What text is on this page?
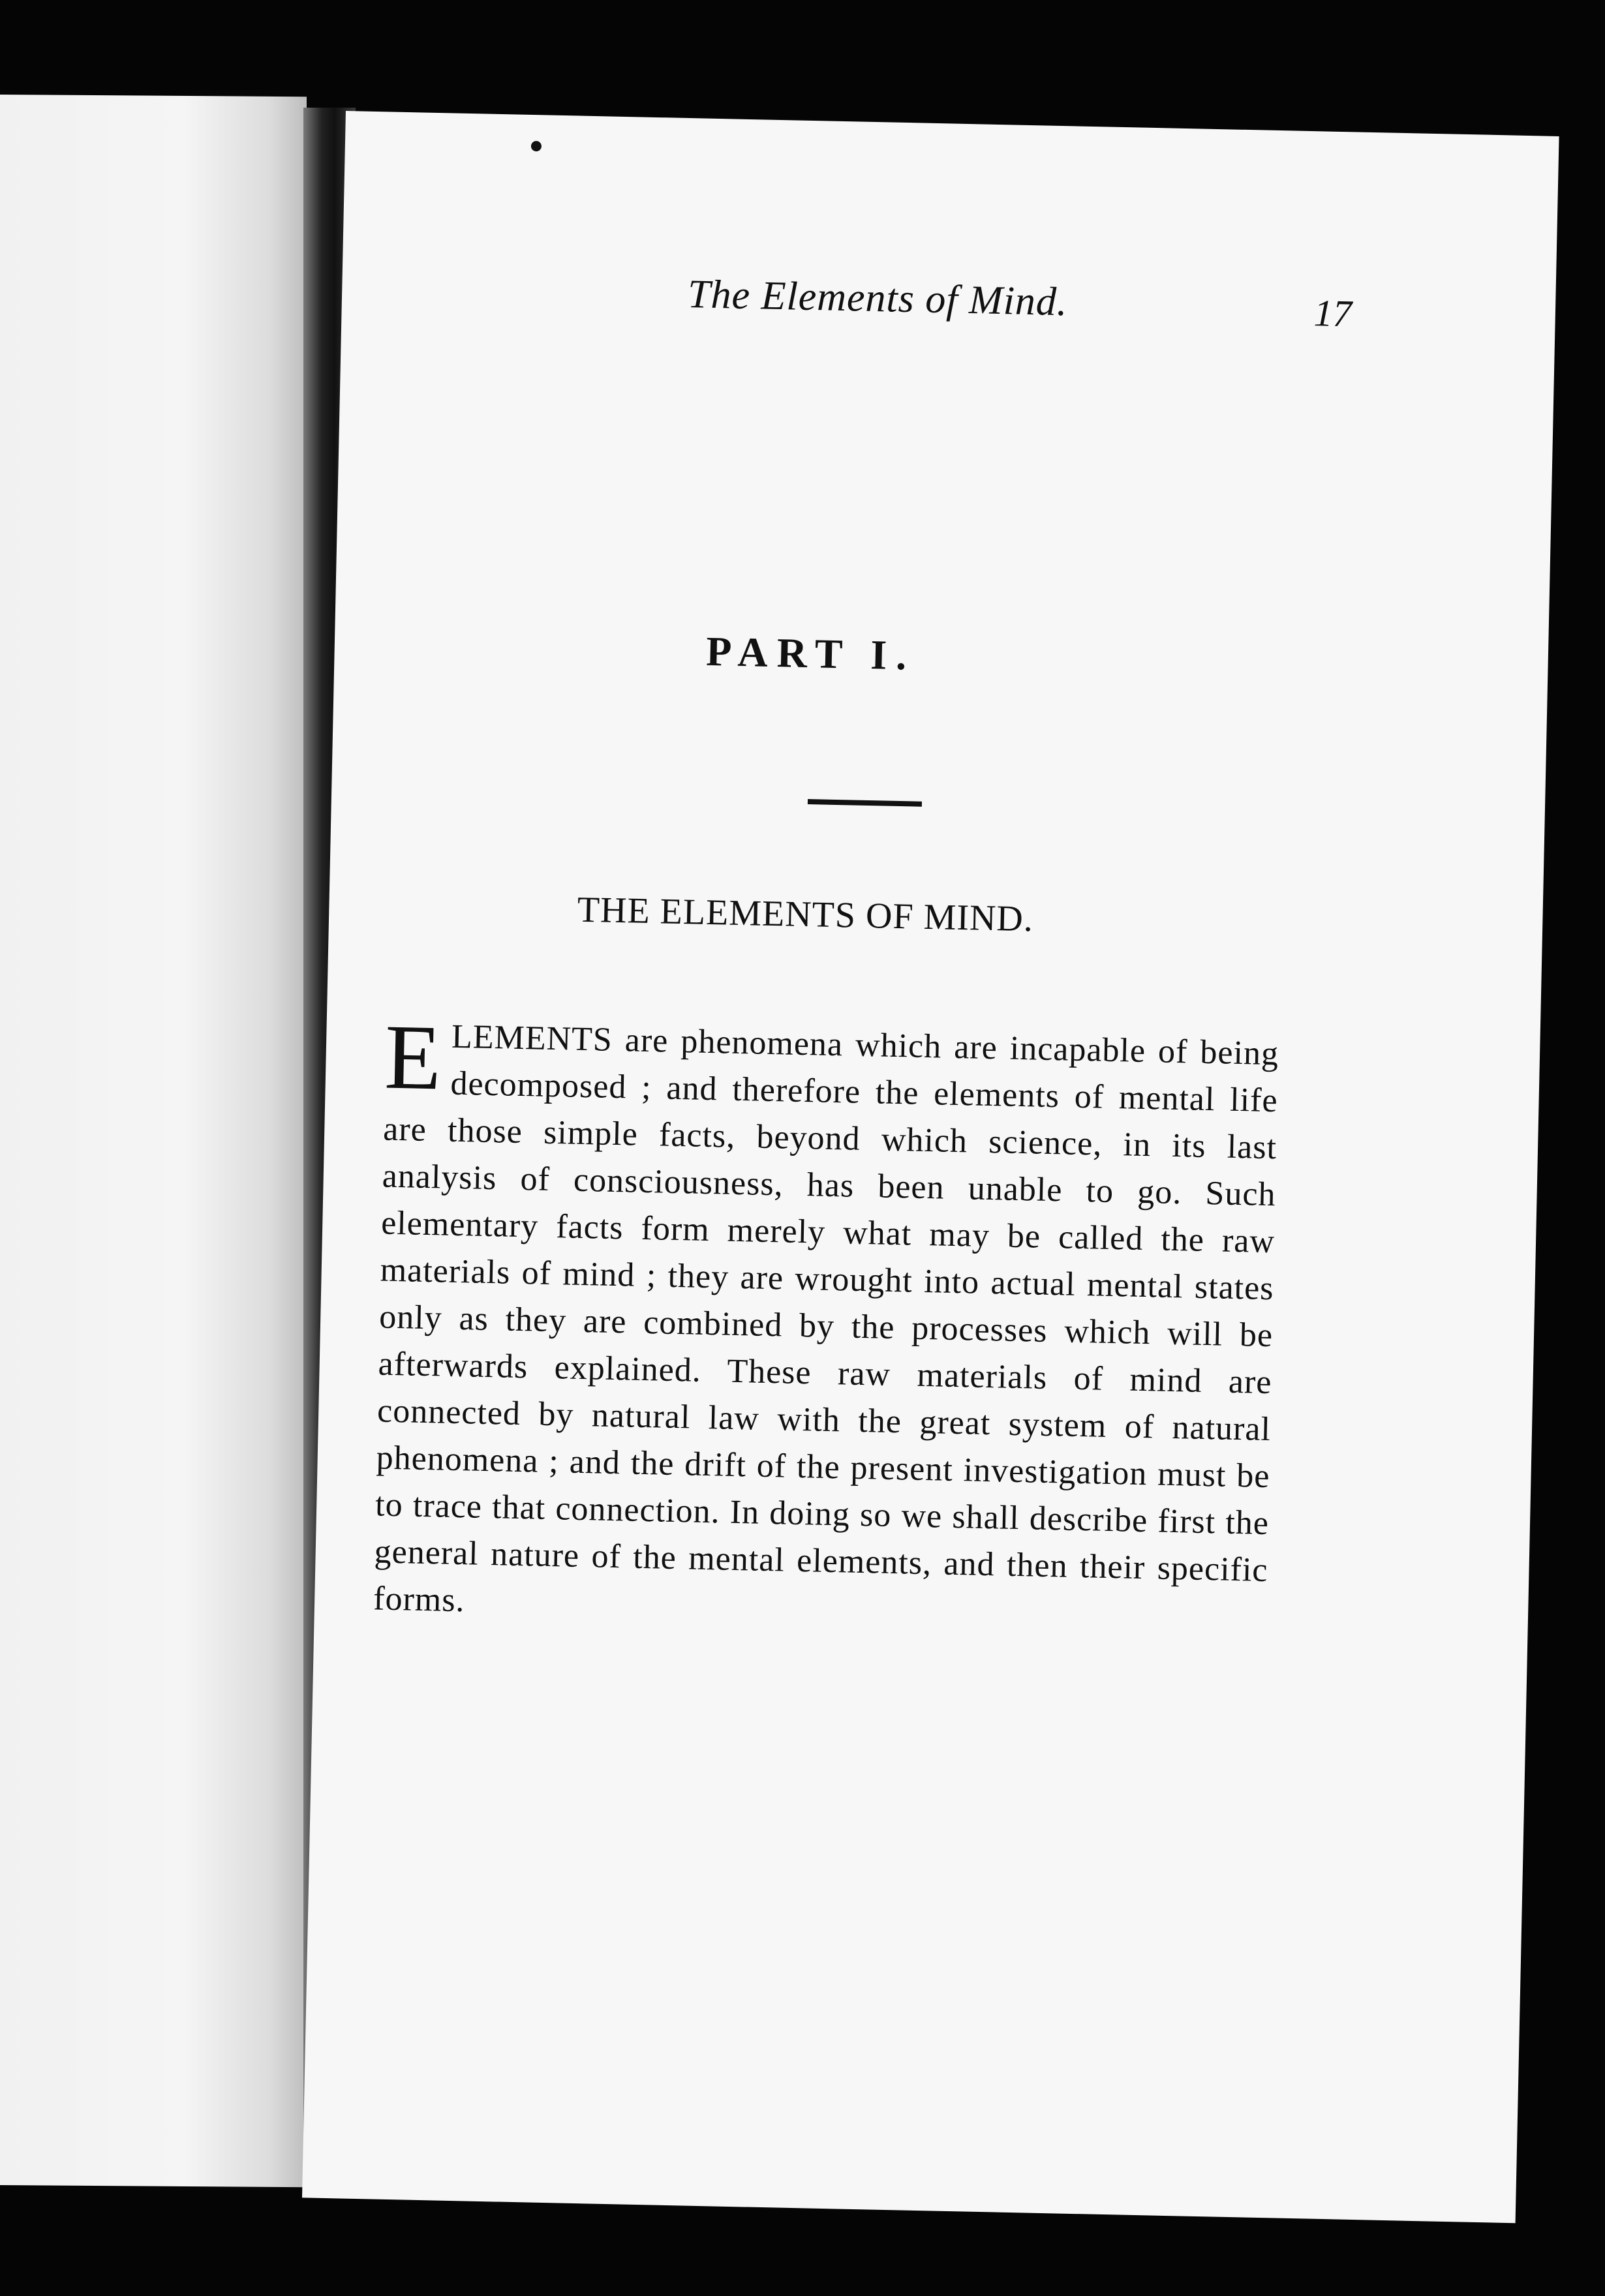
The Elements of Mind.	17
PART I.
THE ELEMENTS OF MIND.
ELEMENTS are phenomena which are incapable of being decomposed ; and therefore the elements of mental life are those simple facts, beyond which science, in its last analysis of consciousness, has been unable to go. Such elementary facts form merely what may be called the raw materials of mind ; they are wrought into actual mental states only as they are combined by the processes which will be afterwards explained. These raw materials of mind are connected by natural law with the great system of natural phenomena ; and the drift of the present investigation must be to trace that connection. In doing so we shall describe first the general nature of the mental elements, and then their specific forms.
